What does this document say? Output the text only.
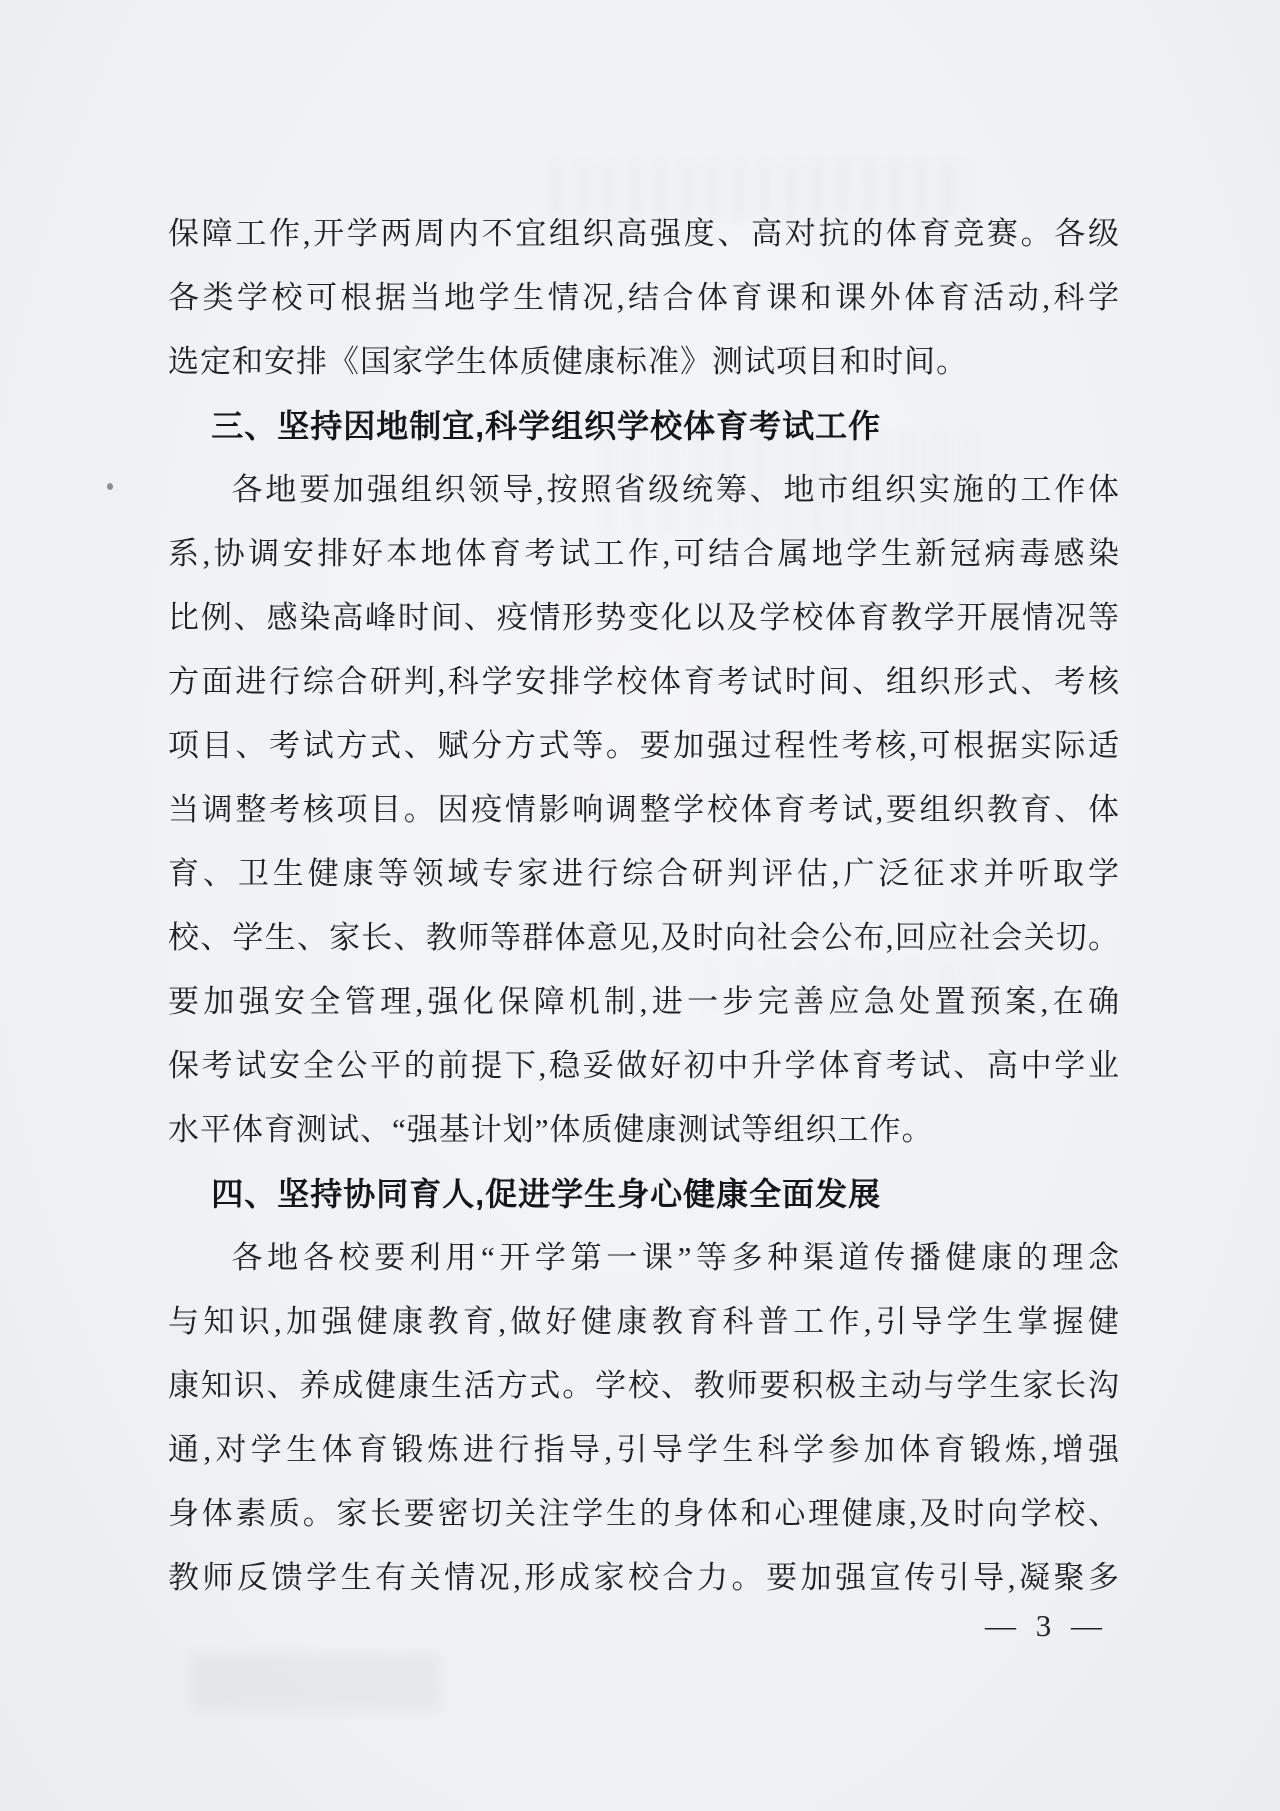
保障工作,开学两周内不宜组织高强度、高对抗的体育竞赛。各级
各类学校可根据当地学生情况,结合体育课和课外体育活动,科学
选定和安排《国家学生体质健康标准》测试项目和时间。
三、坚持因地制宜,科学组织学校体育考试工作
各地要加强组织领导,按照省级统筹、地市组织实施的工作体
系,协调安排好本地体育考试工作,可结合属地学生新冠病毒感染
比例、感染高峰时间、疫情形势变化以及学校体育教学开展情况等
方面进行综合研判,科学安排学校体育考试时间、组织形式、考核
项目、考试方式、赋分方式等。要加强过程性考核,可根据实际适
当调整考核项目。因疫情影响调整学校体育考试,要组织教育、体
育、卫生健康等领域专家进行综合研判评估,广泛征求并听取学
校、学生、家长、教师等群体意见,及时向社会公布,回应社会关切。
要加强安全管理,强化保障机制,进一步完善应急处置预案,在确
保考试安全公平的前提下,稳妥做好初中升学体育考试、高中学业
水平体育测试、“强基计划”体质健康测试等组织工作。
四、坚持协同育人,促进学生身心健康全面发展
各地各校要利用“开学第一课”等多种渠道传播健康的理念
与知识,加强健康教育,做好健康教育科普工作,引导学生掌握健
康知识、养成健康生活方式。学校、教师要积极主动与学生家长沟
通,对学生体育锻炼进行指导,引导学生科学参加体育锻炼,增强
身体素质。家长要密切关注学生的身体和心理健康,及时向学校、
教师反馈学生有关情况,形成家校合力。要加强宣传引导,凝聚多
— 3 —
